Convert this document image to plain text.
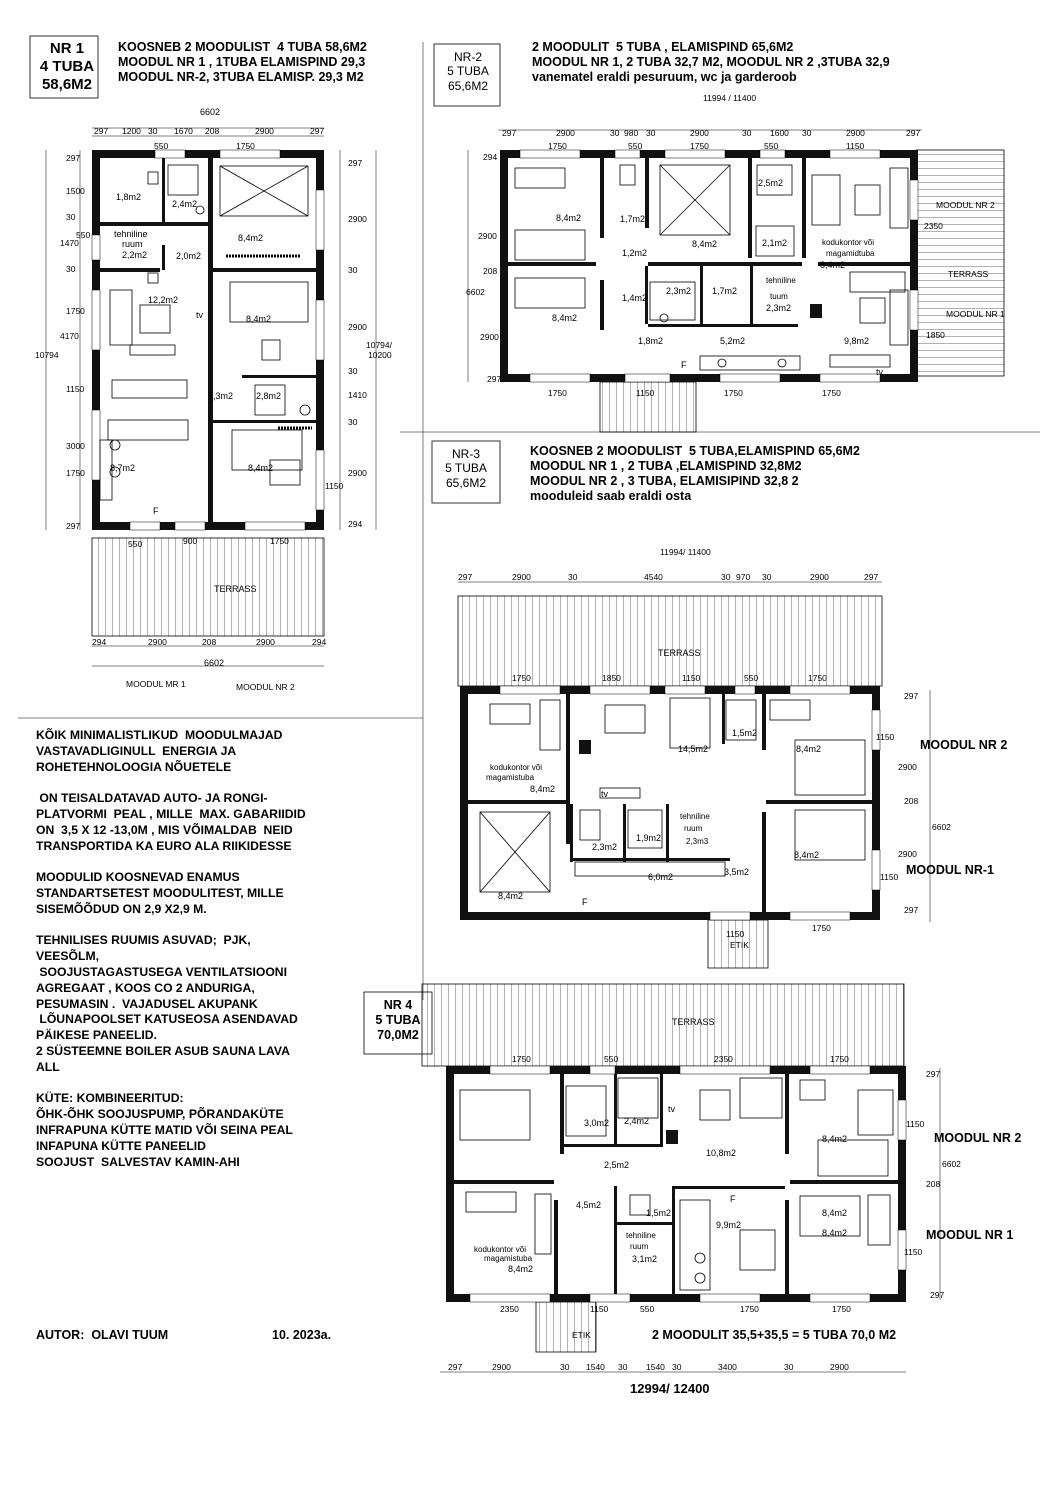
6602
297 1200 30 1670 208	2900	297
550	1750
297
1500
30
550
1470
30
1750
4170
1150
3000
1750
297
10794
297
2900
30
2900
30
1410
30
2900
294
10794/
10200
1150
1,8m2
2,4m2
8,4m2
tehniline
ruum
2,2m2	2,0m2
12,2m2
8,4m2
tv
1,3m2	2,8m2
8,7m2	8,4m2
F
550	900	1750
TERRASS
294	2900	208	2900	294
6602
MOODUL MR 1	MOODUL NR 2
11994 / 11400
297	2900	30 980 30	2900	30 1600 30	2900	297
1750	550	1750	550	1150
294
2900
208
6602
2900
297
8,4m2	1,7m2
8,4m2
2,5m2
2,1m2	kodukontor või
magamidtuba
8,4m2
1,2m2
8,4m2
1,4m2
2,3m2 1,7m2
tehniline
tuum
2,3m2
1,8m2	5,2m2	9,8m2
F
tv
MOODUL NR 2
2350
TERRASS
MOODUL NR 1
1850
1750	1150	1750	1750
11994/ 11400
297	2900	30	4540	30 970 30	2900	297
TERRASS
1750	1850	1150	550	1750
kodukontor või
magamistuba
8,4m2
14,5m2
1,5m2
8,4m2
tv
2,3m2
1,9m2
tehniline
ruum
2,3m3
8,4m2
6,0m2	3,5m2
8,4m2
F
297
1150
2900
208
6602
2900
1150
297
MOODUL NR 2
MOODUL NR-1
1150
ETIK
1750
TERRASS
1750	550	2350	1750
3,0m2 2,4m2
tv
8,4m2
10,8m2
8,4m2
2,5m2
4,5m2
1,5m2
F
kodukontor või
magamistuba
8,4m2
tehniline
ruum
3,1m2
9,9m2
8,4m2
297
1150
6602
208
1150
297
MOODUL NR 2
MOODUL NR 1
2350	1150	550	1750	1750
ETIK
297	2900	30 1540 30 1540 30	3400	30	2900
NR 1
4 TUBA
58,6M2
KOOSNEB 2 MOODULIST  4 TUBA 58,6M2
MOODUL NR 1 , 1TUBA ELAMISPIND 29,3
MOODUL NR-2, 3TUBA ELAMISP. 29,3 M2
NR-2
5 TUBA
65,6M2
2 MOODULIT  5 TUBA , ELAMISPIND 65,6M2
MOODUL NR 1, 2 TUBA 32,7 M2, MOODUL NR 2 ,3TUBA 32,9
vanematel eraldi pesuruum, wc ja garderoob
NR-3
5 TUBA
65,6M2
KOOSNEB 2 MOODULIST  5 TUBA,ELAMISPIND 65,6M2
MOODUL NR 1 , 2 TUBA ,ELAMISPIND 32,8M2
MOODUL NR 2 , 3 TUBA, ELAMISIPIND 32,8 2
mooduleid saab eraldi osta
NR 4
5 TUBA
70,0M2
KÕIK MINIMALISTLIKUD  MOODULMAJAD
VASTAVADLIGINULL  ENERGIA JA
ROHETEHNOLOOGIA NÕUETELE

ON TEISALDATAVAD AUTO- JA RONGI-
PLATVORMI  PEAL , MILLE  MAX. GABARIIDID
ON  3,5 X 12 -13,0M , MIS VÕIMALDAB  NEID
TRANSPORTIDA KA EURO ALA RIIKIDESSE

MOODULID KOOSNEVAD ENAMUS
STANDARTSETEST MOODULITEST, MILLE
SISEMÕÕDUD ON 2,9 X2,9 M.

TEHNILISES RUUMIS ASUVAD;  PJK,
VEESÕLM,
SOOJUSTAGASTUSEGA VENTILATSIOONI
AGREGAAT , KOOS CO 2 ANDURIGA,
PESUMASIN .  VAJADUSEL AKUPANK
LÕUNAPOOLSET KATUSEOSA ASENDAVAD
PÄIKESE PANEELID.
2 SÜSTEEMNE BOILER ASUB SAUNA LAVA
ALL

KÜTE: KOMBINEERITUD:
ÕHK-ÕHK SOOJUSPUMP, PÕRANDAKÜTE
INFRAPUNA KÜTTE MATID VÕI SEINA PEAL
INFAPUNA KÜTTE PANEELID
SOOJUST  SALVESTAV KAMIN-AHI
AUTOR:  OLAVI TUUM	10. 2023a.	2 MOODULIT 35,5+35,5 = 5 TUBA 70,0 M2
12994/ 12400
